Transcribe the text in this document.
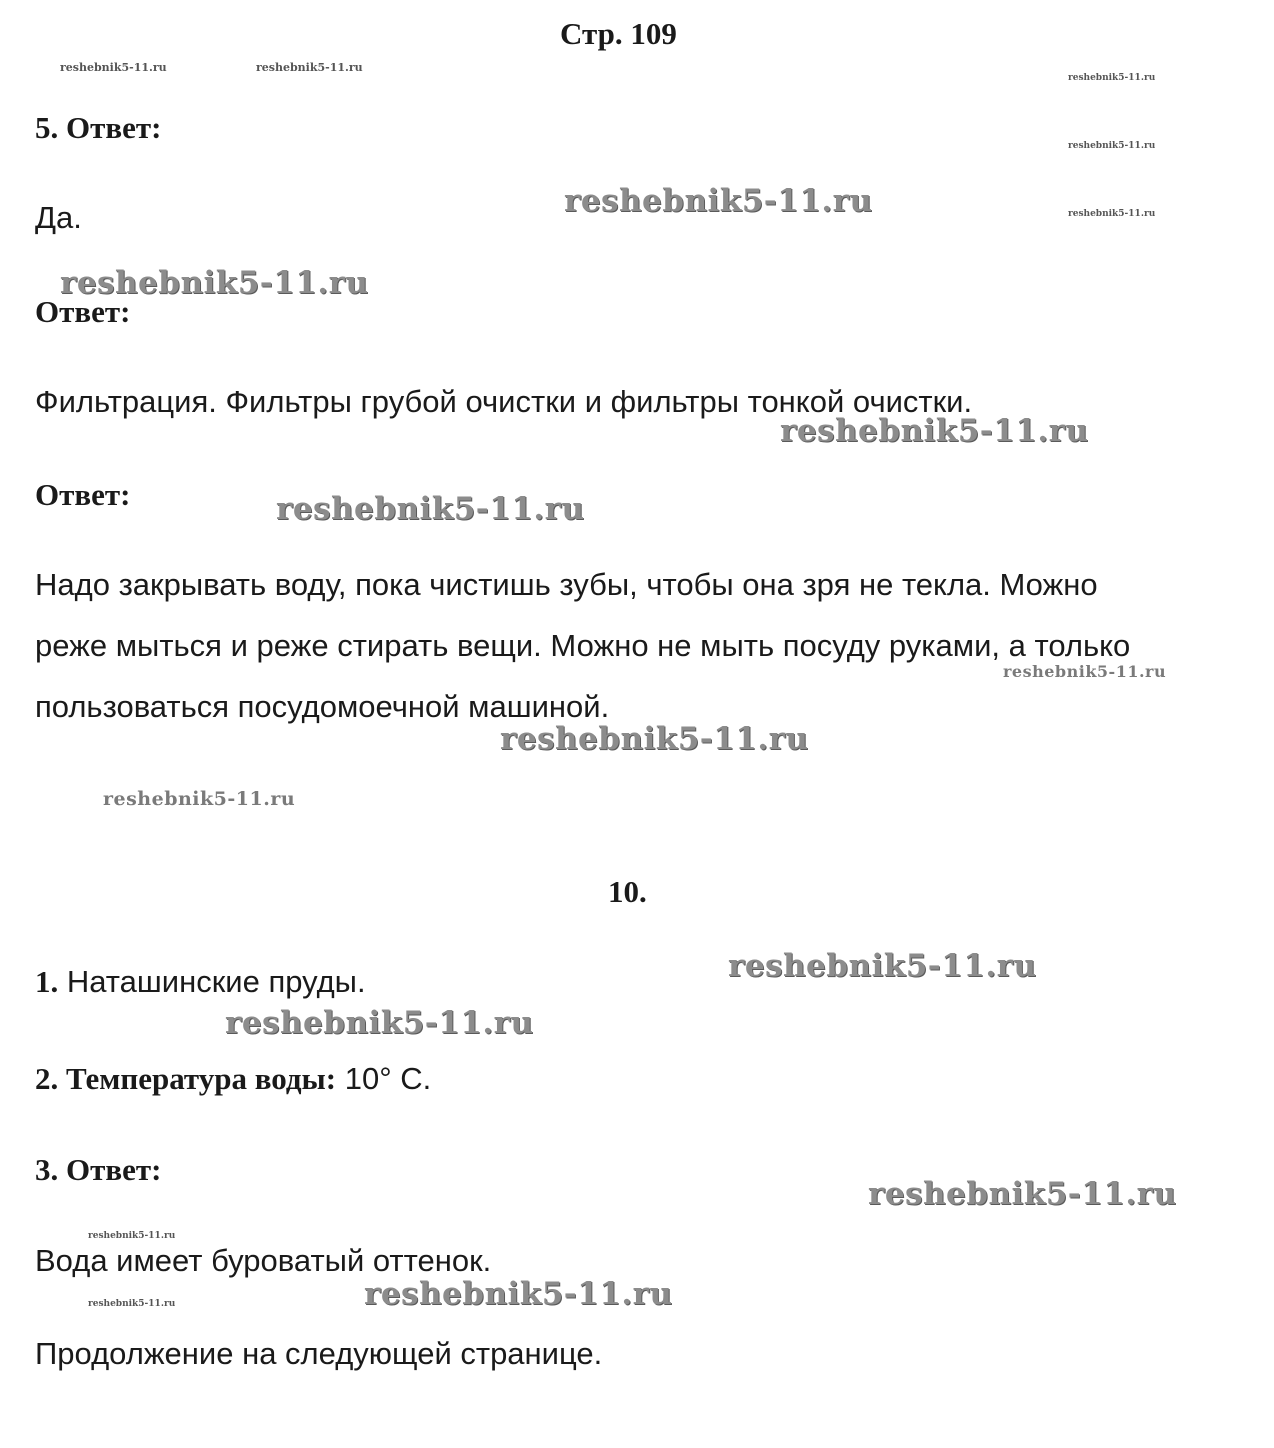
Стр. 109
reshebnik5-11.ru	reshebnik5-11.ru
reshebnik5-11.ru
reshebnik5-11.ru
reshebnik5-11.ru
5. Ответ:
Да.	reshebnik5-11.ru
reshebnik5-11.ru
Ответ:
Фильтрация. Фильтры грубой очистки и фильтры тонкой очистки.
reshebnik5-11.ru
Ответ:	reshebnik5-11.ru
Надо закрывать воду, пока чистишь зубы, чтобы она зря не текла. Можно
реже мыться и реже стирать вещи. Можно не мыть посуду руками, а только
reshebnik5-11.ru
пользоваться посудомоечной машиной.
reshebnik5-11.ru
reshebnik5-11.ru
10.
reshebnik5-11.ru
1. Наташинские пруды.
reshebnik5-11.ru
2. Температура воды: 10° С.
3. Ответ:
reshebnik5-11.ru
reshebnik5-11.ru
Вода имеет буроватый оттенок.
reshebnik5-11.ru
reshebnik5-11.ru
Продолжение на следующей странице.
